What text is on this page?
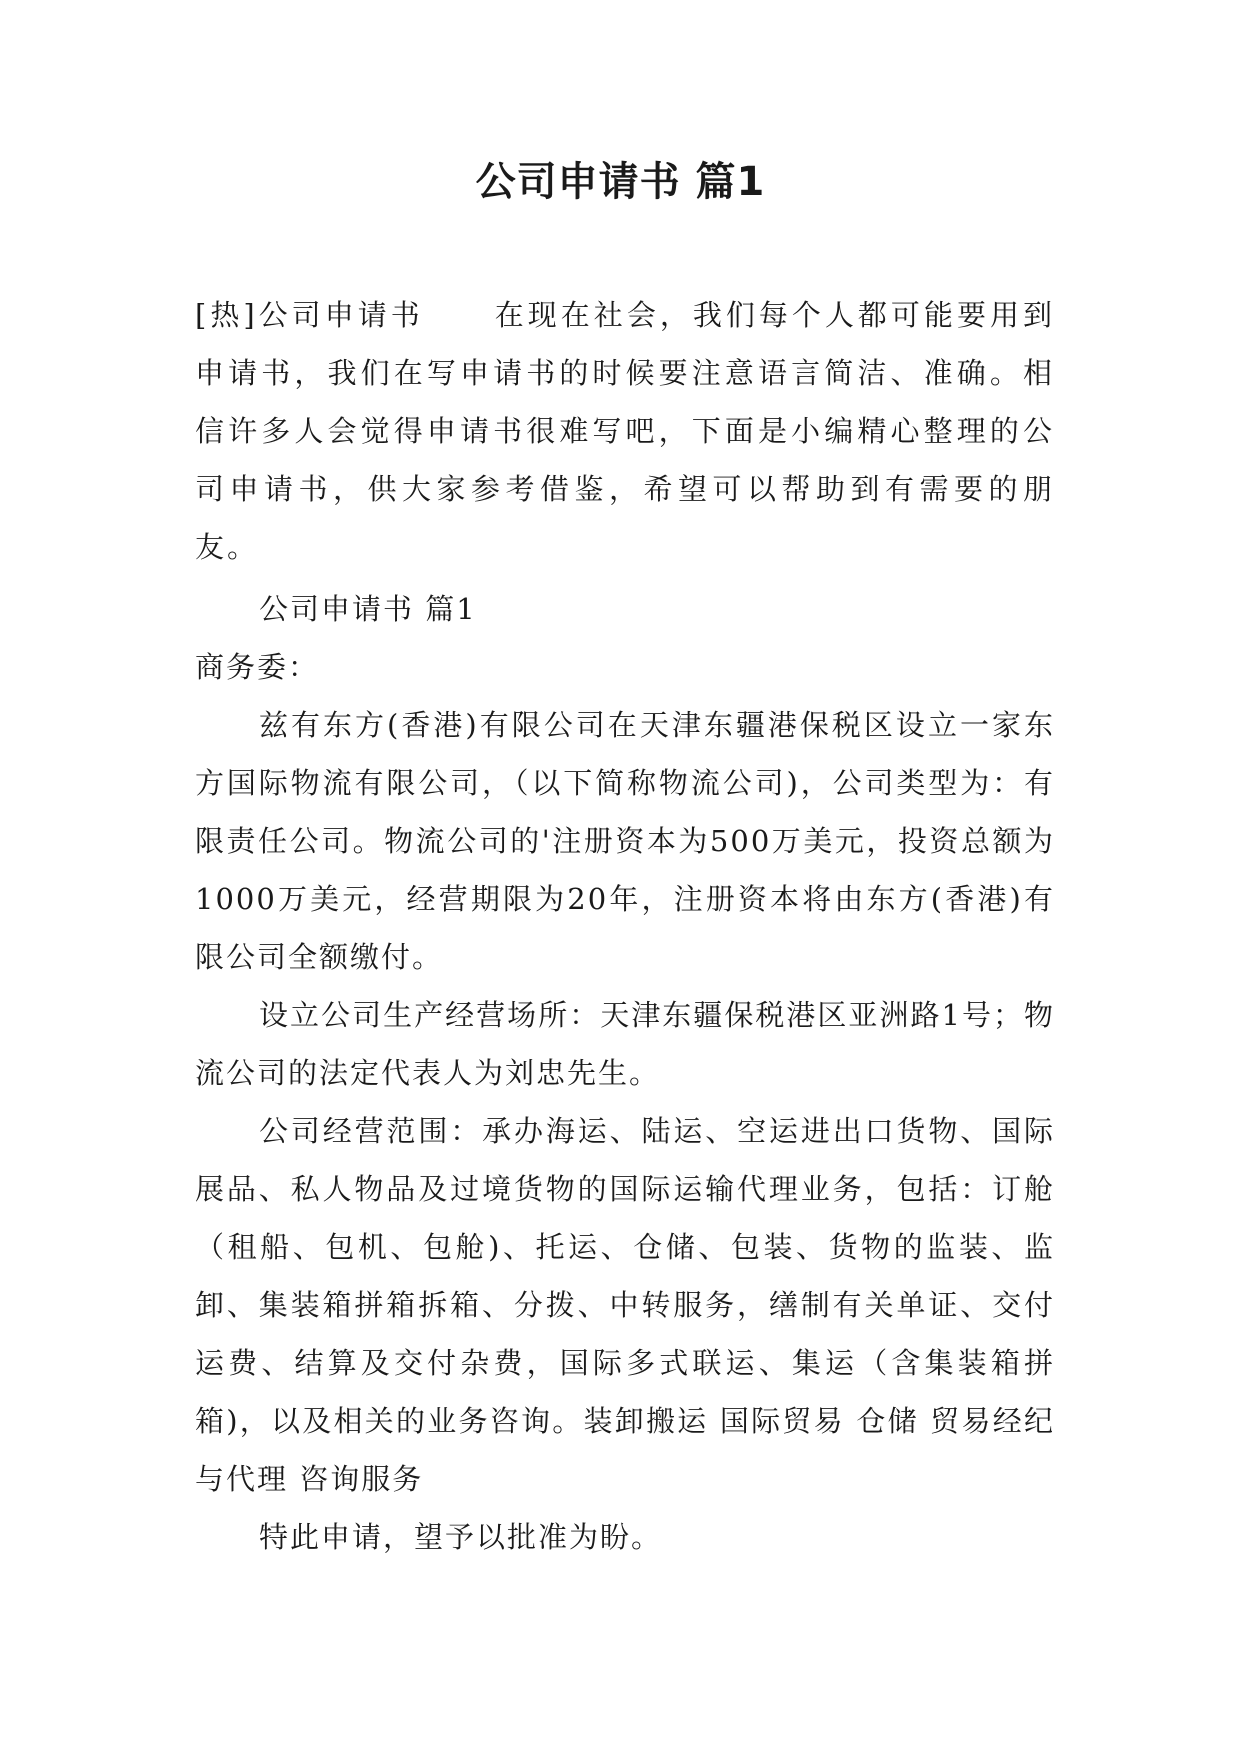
公司申请书 篇1

[热]公司申请书 在现在社会，我们每个人都可能要用到申请书，我们在写申请书的时候要注意语言简洁、准确。相信许多人会觉得申请书很难写吧，下面是小编精心整理的公司申请书，供大家参考借鉴，希望可以帮助到有需要的朋友。

公司申请书 篇1

商务委：

兹有东方(香港)有限公司在天津东疆港保税区设立一家东方国际物流有限公司，（以下简称物流公司)，公司类型为：有限责任公司。物流公司的'注册资本为500万美元，投资总额为1000万美元，经营期限为20年，注册资本将由东方(香港)有限公司全额缴付。

设立公司生产经营场所：天津东疆保税港区亚洲路1号；物流公司的法定代表人为刘忠先生。

公司经营范围：承办海运、陆运、空运进出口货物、国际展品、私人物品及过境货物的国际运输代理业务，包括：订舱（租船、包机、包舱)、托运、仓储、包装、货物的监装、监卸、集装箱拼箱拆箱、分拨、中转服务，缮制有关单证、交付运费、结算及交付杂费，国际多式联运、集运（含集装箱拼箱)，以及相关的业务咨询。装卸搬运 国际贸易 仓储 贸易经纪与代理 咨询服务

特此申请，望予以批准为盼。
